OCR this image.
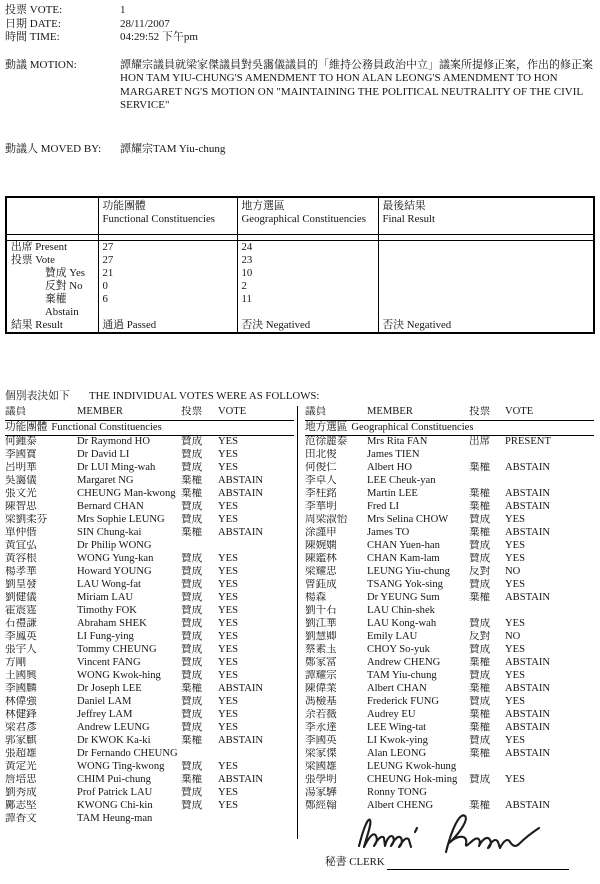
投票 VOTE:	1
日期 DATE:	28/11/2007
時間 TIME:	04:29:52 下午pm
動議 MOTION:	譚耀宗議員就梁家傑議員對吳靄儀議員的「維持公務員政治中立」議案所提修正案，作出的修正案
HON TAM YIU-CHUNG'S AMENDMENT TO HON ALAN LEONG'S AMENDMENT TO HON MARGARET NG'S MOTION ON "MAINTAINING THE POLITICAL NEUTRALITY OF THE CIVIL SERVICE"
動議人 MOVED BY:	譚耀宗TAM Yiu-chung
	功能團體
Functional Constituencies	地方選區
Geographical Constituencies	最後結果
Final Result

出席 Present	27	24	
投票 Vote	27	23	
贊成 Yes	21	10	
反對 No	0	2	
棄權 Abstain	6	11	
結果 Result	通過 Passed	否決 Negatived	否決 Negatived
個別表決如下	THE INDIVIDUAL VOTES WERE AS FOLLOWS:
議員	MEMBER	投票	VOTE
功能團體 Functional Constituencies
何鍾泰	Dr Raymond HO	贊成	YES
李國寶	Dr David LI	贊成	YES
呂明華	Dr LUI Ming-wah	贊成	YES
吳靄儀	Margaret NG	棄權	ABSTAIN
張文光	CHEUNG Man-kwong 棄權	ABSTAIN
陳智思	Bernard CHAN	贊成	YES
梁劉柔芬	Mrs Sophie LEUNG	贊成	YES
單仲偕	SIN Chung-kai	棄權	ABSTAIN
黃宜弘	Dr Philip WONG
黃容根	WONG Yung-kan	贊成	YES
楊孝華	Howard YOUNG	贊成	YES
劉皇發	LAU Wong-fat	贊成	YES
劉健儀	Miriam LAU	贊成	YES
霍震霆	Timothy FOK	贊成	YES
石禮謙	Abraham SHEK	贊成	YES
李鳳英	LI Fung-ying	贊成	YES
張宇人	Tommy CHEUNG	贊成	YES
方剛	Vincent FANG	贊成	YES
王國興	WONG Kwok-hing	贊成	YES
李國麟	Dr Joseph LEE	棄權	ABSTAIN
林偉強	Daniel LAM	贊成	YES
林健鋒	Jeffrey LAM	贊成	YES
梁君彥	Andrew LEUNG	贊成	YES
郭家麒	Dr KWOK Ka-ki	棄權	ABSTAIN
張超雄	Dr Fernando CHEUNG
黃定光	WONG Ting-kwong	贊成	YES
詹培忠	CHIM Pui-chung	棄權	ABSTAIN
劉秀成	Prof Patrick LAU	贊成	YES
鄺志堅	KWONG Chi-kin	贊成	YES
譚香文	TAM Heung-man
議員	MEMBER	投票	VOTE
地方選區 Geographical Constituencies
范徐麗泰	Mrs Rita FAN	出席	PRESENT
田北俊	James TIEN
何俊仁	Albert HO	棄權	ABSTAIN
李卓人	LEE Cheuk-yan
李柱銘	Martin LEE	棄權	ABSTAIN
李華明	Fred LI	棄權	ABSTAIN
周梁淑怡	Mrs Selina CHOW	贊成	YES
涂謹申	James TO	棄權	ABSTAIN
陳婉嫻	CHAN Yuen-han	贊成	YES
陳鑑林	CHAN Kam-lam	贊成	YES
梁耀忠	LEUNG Yiu-chung	反對	NO
曾鈺成	TSANG Yok-sing	贊成	YES
楊森	Dr YEUNG Sum	棄權	ABSTAIN
劉千石	LAU Chin-shek
劉江華	LAU Kong-wah	贊成	YES
劉慧卿	Emily LAU	反對	NO
蔡素玉	CHOY So-yuk	贊成	YES
鄭家富	Andrew CHENG	棄權	ABSTAIN
譚耀宗	TAM Yiu-chung	贊成	YES
陳偉業	Albert CHAN	棄權	ABSTAIN
馮檢基	Frederick FUNG	贊成	YES
余若薇	Audrey EU	棄權	ABSTAIN
李永達	LEE Wing-tat	棄權	ABSTAIN
李國英	LI Kwok-ying	贊成	YES
梁家傑	Alan LEONG	棄權	ABSTAIN
梁國雄	LEUNG Kwok-hung
張學明	CHEUNG Hok-ming	贊成	YES
湯家驊	Ronny TONG
鄭經翰	Albert CHENG	棄權	ABSTAIN
秘書 CLERK
